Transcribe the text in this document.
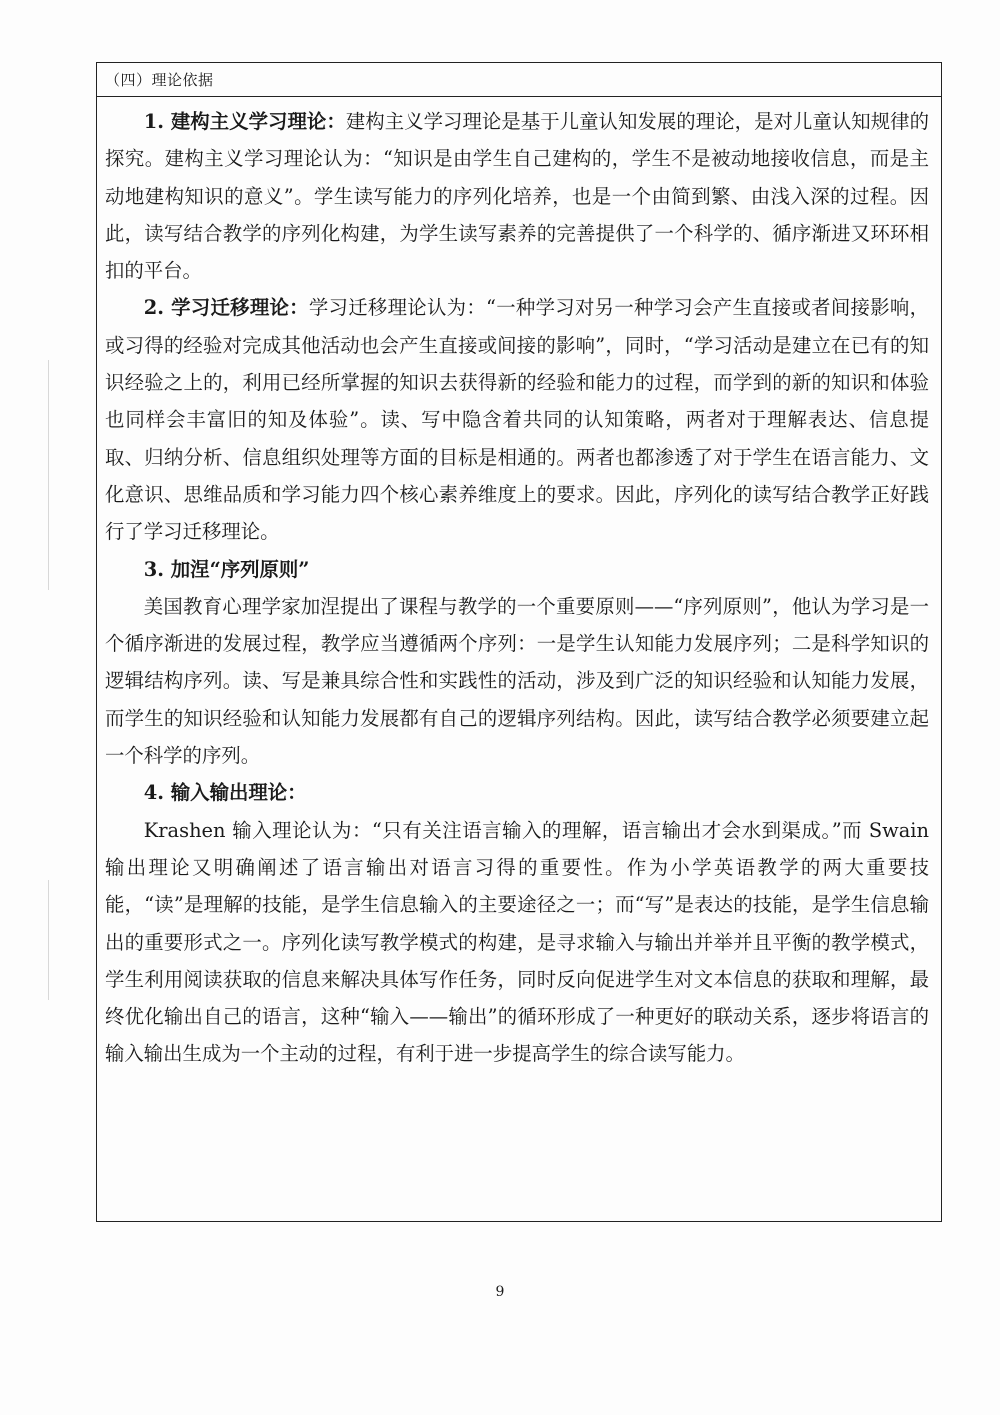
（四）理论依据

1. 建构主义学习理论：建构主义学习理论是基于儿童认知发展的理论，是对儿童认知规律的探究。建构主义学习理论认为：“知识是由学生自己建构的，学生不是被动地接收信息，而是主动地建构知识的意义”。学生读写能力的序列化培养，也是一个由简到繁、由浅入深的过程。因此，读写结合教学的序列化构建，为学生读写素养的完善提供了一个科学的、循序渐进又环环相扣的平台。

2. 学习迁移理论：学习迁移理论认为：“一种学习对另一种学习会产生直接或者间接影响，或习得的经验对完成其他活动也会产生直接或间接的影响”，同时，“学习活动是建立在已有的知识经验之上的，利用已经所掌握的知识去获得新的经验和能力的过程，而学到的新的知识和体验也同样会丰富旧的知及体验”。读、写中隐含着共同的认知策略，两者对于理解表达、信息提取、归纳分析、信息组织处理等方面的目标是相通的。两者也都渗透了对于学生在语言能力、文化意识、思维品质和学习能力四个核心素养维度上的要求。因此，序列化的读写结合教学正好践行了学习迁移理论。

3. 加涅“序列原则”

美国教育心理学家加涅提出了课程与教学的一个重要原则——“序列原则”，他认为学习是一个循序渐进的发展过程，教学应当遵循两个序列：一是学生认知能力发展序列；二是科学知识的逻辑结构序列。读、写是兼具综合性和实践性的活动，涉及到广泛的知识经验和认知能力发展，而学生的知识经验和认知能力发展都有自己的逻辑序列结构。因此，读写结合教学必须要建立起一个科学的序列。

4. 输入输出理论：

Krashen 输入理论认为：“只有关注语言输入的理解，语言输出才会水到渠成。”而 Swain 输出理论又明确阐述了语言输出对语言习得的重要性。作为小学英语教学的两大重要技能，“读”是理解的技能，是学生信息输入的主要途径之一；而“写”是表达的技能，是学生信息输出的重要形式之一。序列化读写教学模式的构建，是寻求输入与输出并举并且平衡的教学模式，学生利用阅读获取的信息来解决具体写作任务，同时反向促进学生对文本信息的获取和理解，最终优化输出自己的语言，这种“输入——输出”的循环形成了一种更好的联动关系，逐步将语言的输入输出生成为一个主动的过程，有利于进一步提高学生的综合读写能力。

9
